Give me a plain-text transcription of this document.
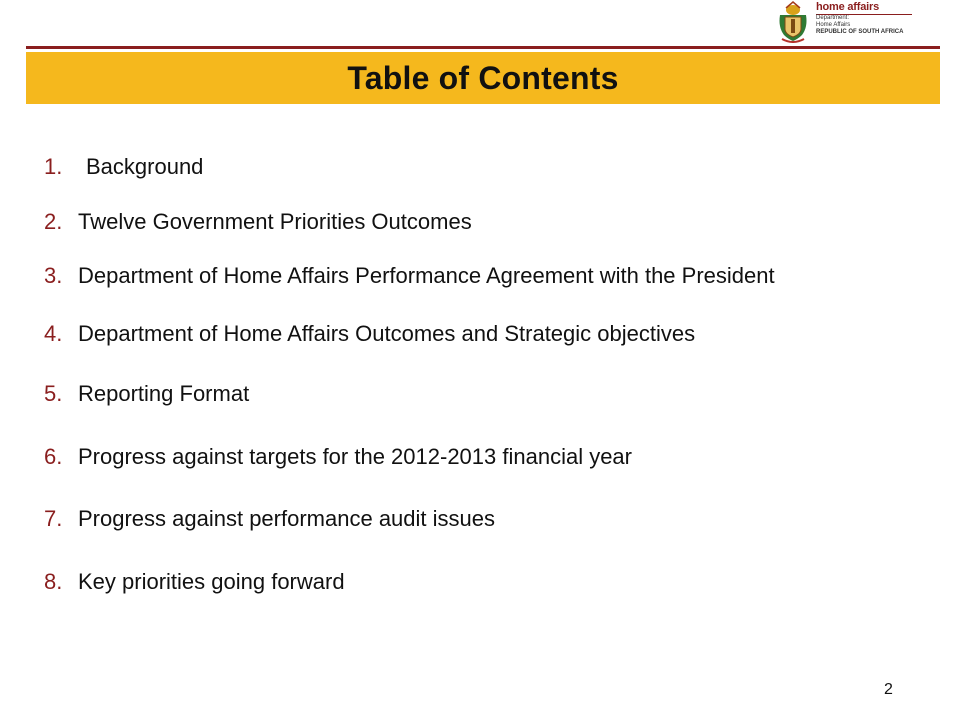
home affairs
Department:
Home Affairs
REPUBLIC OF SOUTH AFRICA
Table of Contents
1. Background
2. Twelve Government Priorities Outcomes
3. Department of Home Affairs Performance Agreement with the President
4. Department of Home Affairs Outcomes and Strategic objectives
5. Reporting Format
6. Progress against targets for the 2012-2013 financial year
7. Progress against performance audit issues
8. Key priorities going forward
2
